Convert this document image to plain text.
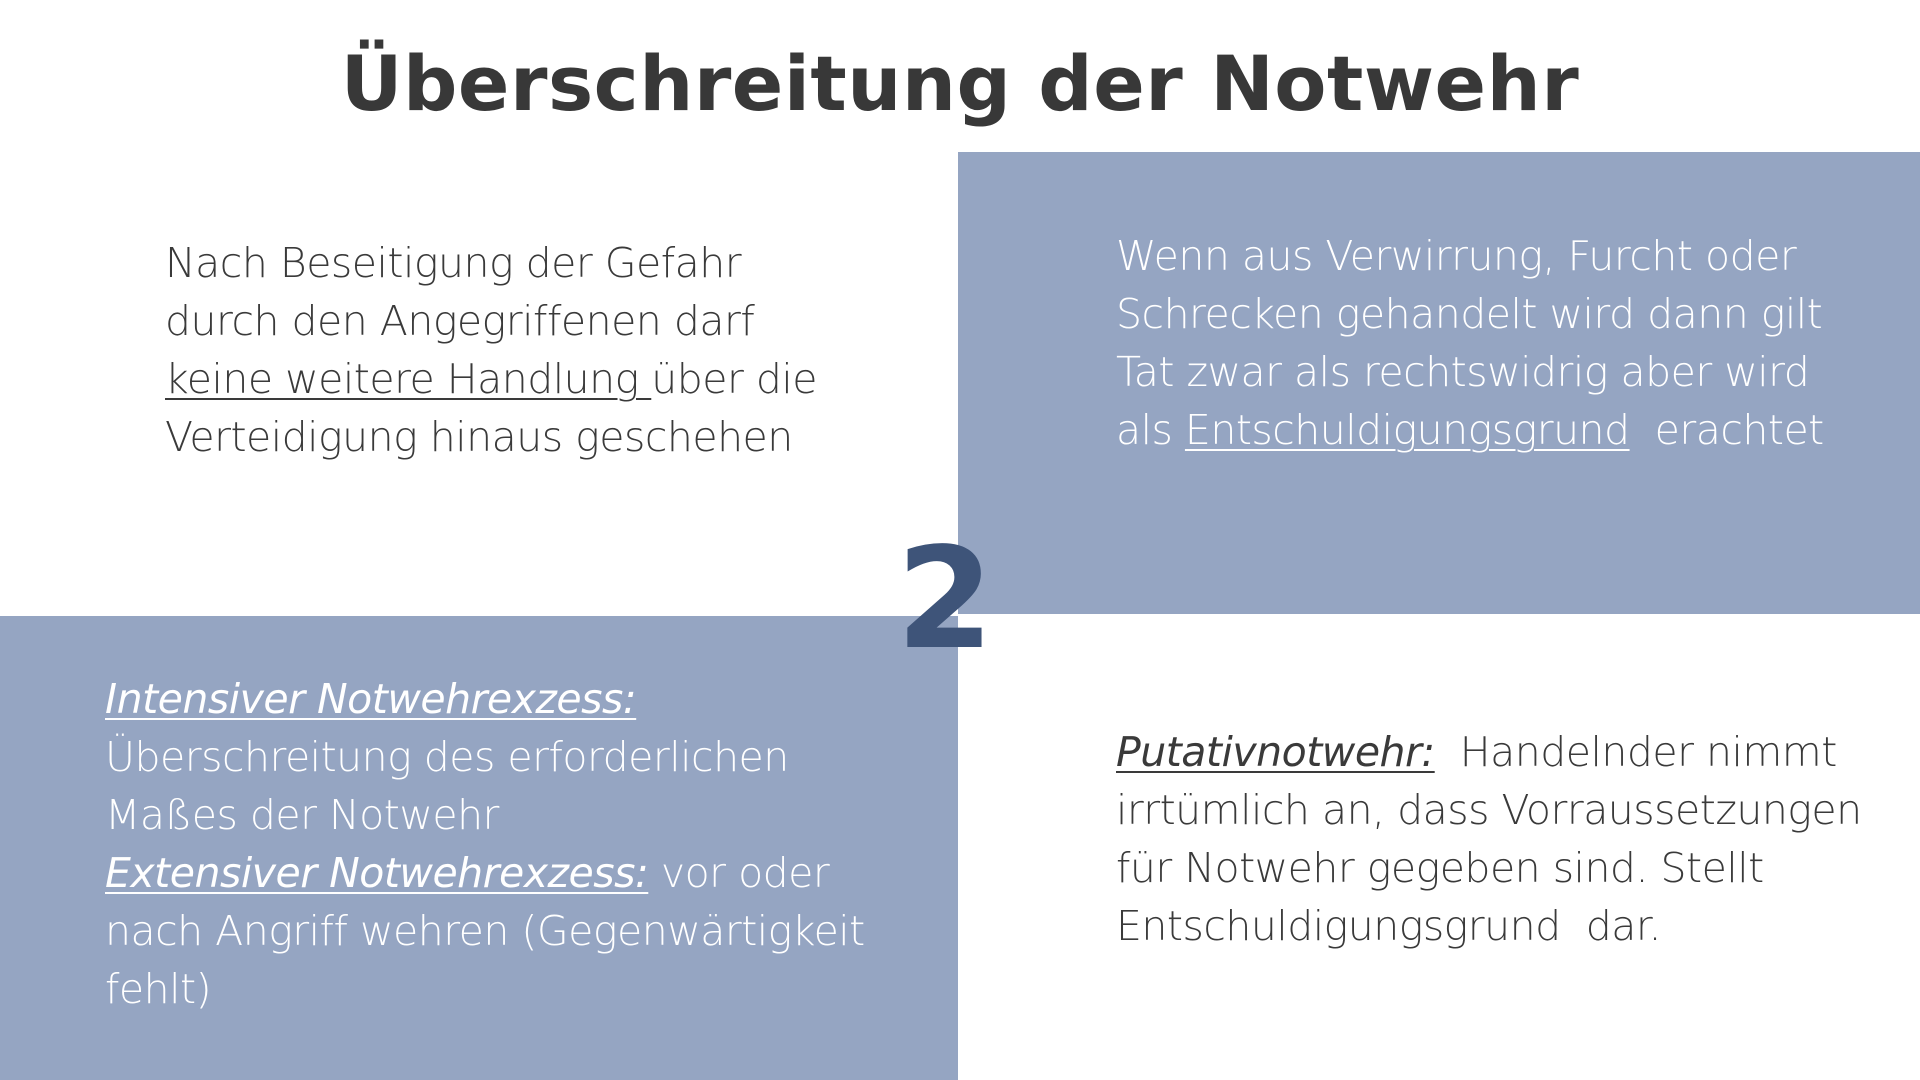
Überschreitung der Notwehr
Nach Beseitigung der Gefahr
durch den Angegriffenen darf
keine weitere Handlung über die
Verteidigung hinaus geschehen
Wenn aus Verwirrung, Furcht oder
Schrecken gehandelt wird dann gilt
Tat zwar als rechtswidrig aber wird
als Entschuldigungsgrund  erachtet
2
Intensiver Notwehrexzess:
Überschreitung des erforderlichen
Maßes der Notwehr
Extensiver Notwehrexzess: vor oder
nach Angriff wehren (Gegenwärtigkeit
fehlt)
Putativnotwehr:  Handelnder nimmt
irrtümlich an, dass Vorraussetzungen
für Notwehr gegeben sind. Stellt
Entschuldigungsgrund  dar.
